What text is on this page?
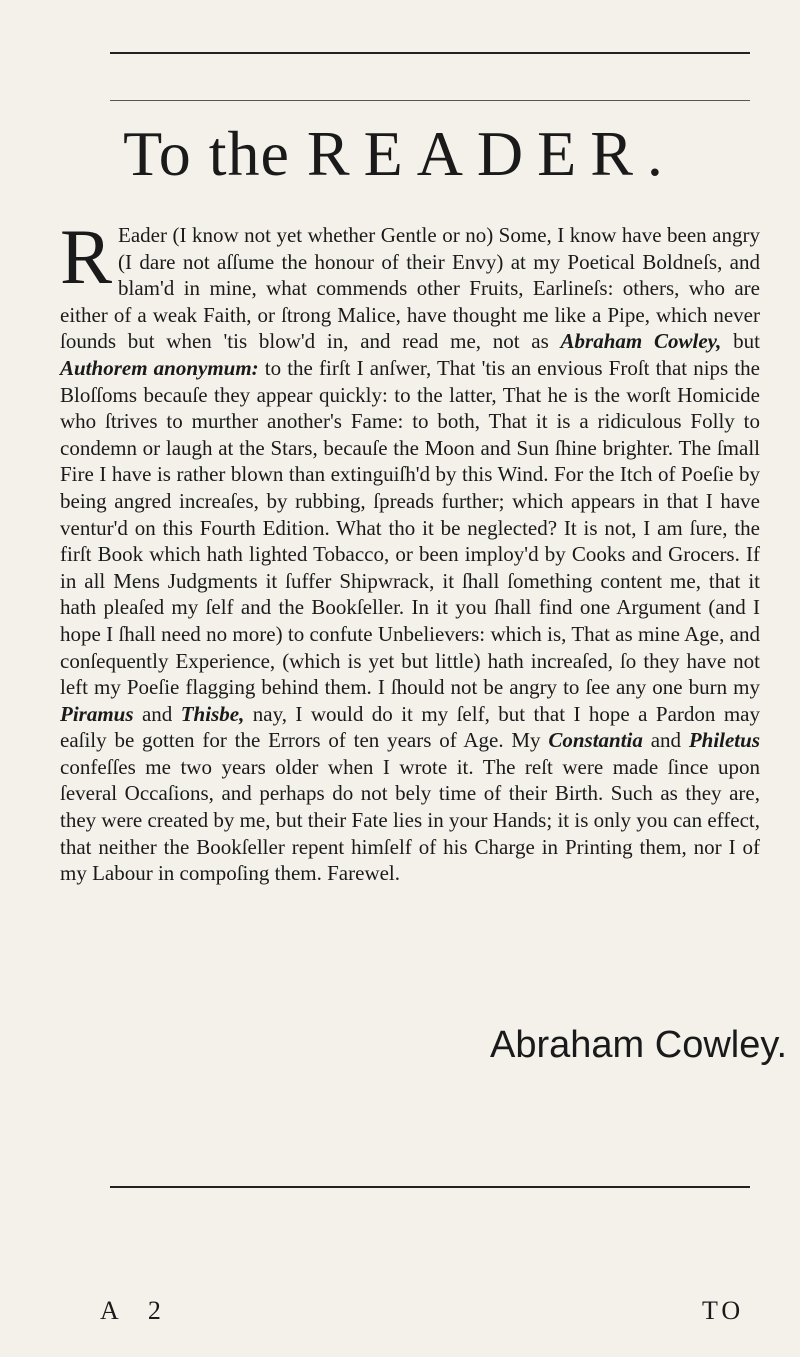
To the READER.
R Eader (I know not yet whether Gentle or no) Some, I know have been angry (I dare not aſſume the honour of their Envy) at my Poetical Boldneſs, and blam'd in mine, what commends other Fruits, Earlineſs: others, who are either of a weak Faith, or ſtrong Malice, have thought me like a Pipe, which never ſounds but when 'tis blow'd in, and read me, not as Abraham Cowley, but Authorem anonymum: to the firſt I anſwer, That 'tis an envious Froſt that nips the Bloſſoms becauſe they appear quickly: to the latter, That he is the worſt Homicide who ſtrives to murther another's Fame: to both, That it is a ridiculous Folly to condemn or laugh at the Stars, becauſe the Moon and Sun ſhine brighter. The ſmall Fire I have is rather blown than extinguiſh'd by this Wind. For the Itch of Poeſie by being angred increaſes, by rubbing, ſpreads further; which appears in that I have ventur'd on this Fourth Edition. What tho it be neglected? It is not, I am ſure, the firſt Book which hath lighted Tobacco, or been imploy'd by Cooks and Grocers. If in all Mens Judgments it ſuffer Shipwrack, it ſhall ſomething content me, that it hath pleaſed my ſelf and the Bookſeller. In it you ſhall find one Argument (and I hope I ſhall need no more) to confute Unbelievers: which is, That as mine Age, and conſequently Experience, (which is yet but little) hath increaſed, ſo they have not left my Poeſie flagging behind them. I ſhould not be angry to ſee any one burn my Piramus and Thisbe, nay, I would do it my ſelf, but that I hope a Pardon may eaſily be gotten for the Errors of ten years of Age. My Constantia and Philetus confeſſes me two years older when I wrote it. The reſt were made ſince upon ſeveral Occaſions, and perhaps do not bely time of their Birth. Such as they are, they were created by me, but their Fate lies in your Hands; it is only you can effect, that neither the Bookſeller repent himſelf of his Charge in Printing them, nor I of my Labour in compoſing them. Farewel.
Abraham Cowley.
A 2	TO
